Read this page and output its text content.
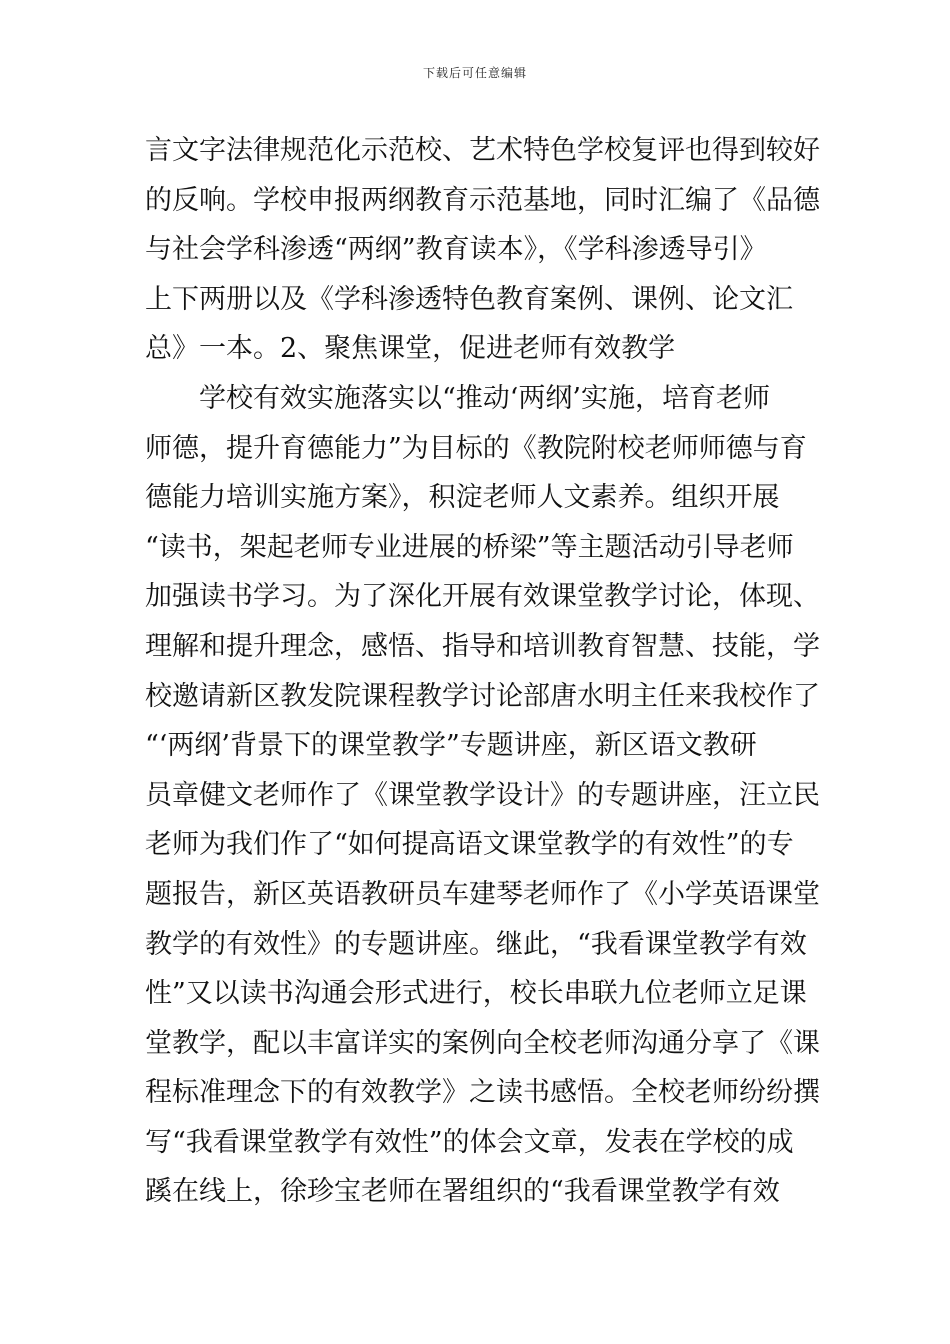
下载后可任意编辑
言文字法律规范化示范校、艺术特色学校复评也得到较好
的反响。学校申报两纲教育示范基地，同时汇编了《品德
与社会学科渗透“两纲”教育读本》，《学科渗透导引》
上下两册以及《学科渗透特色教育案例、课例、论文汇
总》一本。2、聚焦课堂，促进老师有效教学
学校有效实施落实以“推动‘两纲’实施，培育老师
师德，提升育德能力”为目标的《教院附校老师师德与育
德能力培训实施方案》，积淀老师人文素养。组织开展
“读书，架起老师专业进展的桥梁”等主题活动引导老师
加强读书学习。为了深化开展有效课堂教学讨论，体现、
理解和提升理念，感悟、指导和培训教育智慧、技能，学
校邀请新区教发院课程教学讨论部唐水明主任来我校作了
“‘两纲’背景下的课堂教学”专题讲座，新区语文教研
员章健文老师作了《课堂教学设计》的专题讲座，汪立民
老师为我们作了“如何提高语文课堂教学的有效性”的专
题报告，新区英语教研员车建琴老师作了《小学英语课堂
教学的有效性》的专题讲座。继此，“我看课堂教学有效
性”又以读书沟通会形式进行，校长串联九位老师立足课
堂教学，配以丰富详实的案例向全校老师沟通分享了《课
程标准理念下的有效教学》之读书感悟。全校老师纷纷撰
写“我看课堂教学有效性”的体会文章，发表在学校的成
蹊在线上，徐珍宝老师在署组织的“我看课堂教学有效
